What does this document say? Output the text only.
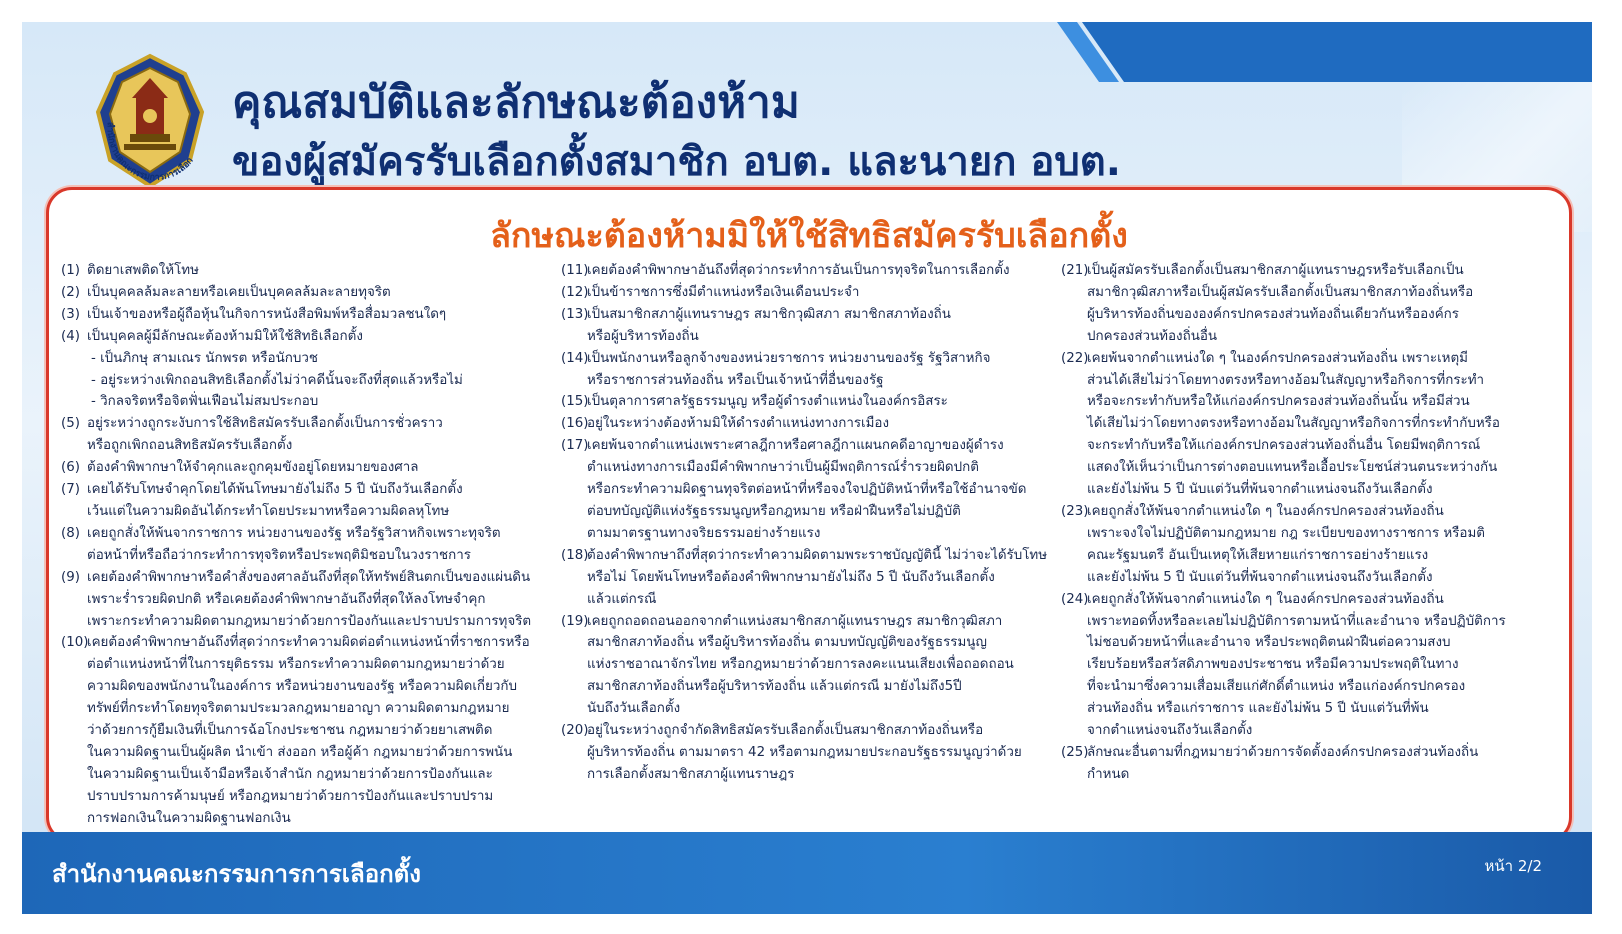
สำนักงานคณะกรรมการการเลือก
คุณสมบัติและลักษณะต้องห้าม
ของผู้สมัครรับเลือกตั้งสมาชิก อบต. และนายก อบต.
ลักษณะต้องห้ามมิให้ใช้สิทธิสมัครรับเลือกตั้ง
(1) ติดยาเสพติดให้โทษ
(2) เป็นบุคคลล้มละลายหรือเคยเป็นบุคคลล้มละลายทุจริต
(3) เป็นเจ้าของหรือผู้ถือหุ้นในกิจการหนังสือพิมพ์หรือสื่อมวลชนใดๆ
(4) เป็นบุคคลผู้มีลักษณะต้องห้ามมิให้ใช้สิทธิเลือกตั้ง
- เป็นภิกษุ สามเณร นักพรต หรือนักบวช
- อยู่ระหว่างเพิกถอนสิทธิเลือกตั้งไม่ว่าคดีนั้นจะถึงที่สุดแล้วหรือไม่
- วิกลจริตหรือจิตฟั่นเฟือนไม่สมประกอบ
(5) อยู่ระหว่างถูกระงับการใช้สิทธิสมัครรับเลือกตั้งเป็นการชั่วคราว
หรือถูกเพิกถอนสิทธิสมัครรับเลือกตั้ง
(6) ต้องคำพิพากษาให้จำคุกและถูกคุมขังอยู่โดยหมายของศาล
(7) เคยได้รับโทษจำคุกโดยได้พ้นโทษมายังไม่ถึง 5 ปี นับถึงวันเลือกตั้ง
เว้นแต่ในความผิดอันได้กระทำโดยประมาทหรือความผิดลหุโทษ
(8) เคยถูกสั่งให้พ้นจากราชการ หน่วยงานของรัฐ หรือรัฐวิสาหกิจเพราะทุจริต
ต่อหน้าที่หรือถือว่ากระทำการทุจริตหรือประพฤติมิชอบในวงราชการ
(9) เคยต้องคำพิพากษาหรือคำสั่งของศาลอันถึงที่สุดให้ทรัพย์สินตกเป็นของแผ่นดิน
เพราะร่ำรวยผิดปกติ หรือเคยต้องคำพิพากษาอันถึงที่สุดให้ลงโทษจำคุก
เพราะกระทำความผิดตามกฎหมายว่าด้วยการป้องกันและปราบปรามการทุจริต
(10)เคยต้องคำพิพากษาอันถึงที่สุดว่ากระทำความผิดต่อตำแหน่งหน้าที่ราชการหรือ
ต่อตำแหน่งหน้าที่ในการยุติธรรม หรือกระทำความผิดตามกฎหมายว่าด้วย
ความผิดของพนักงานในองค์การ หรือหน่วยงานของรัฐ หรือความผิดเกี่ยวกับ
ทรัพย์ที่กระทำโดยทุจริตตามประมวลกฎหมายอาญา ความผิดตามกฎหมาย
ว่าด้วยการกู้ยืมเงินที่เป็นการฉ้อโกงประชาชน กฎหมายว่าด้วยยาเสพติด
ในความผิดฐานเป็นผู้ผลิต นำเข้า ส่งออก หรือผู้ค้า กฎหมายว่าด้วยการพนัน
ในความผิดฐานเป็นเจ้ามือหรือเจ้าสำนัก กฎหมายว่าด้วยการป้องกันและ
ปราบปรามการค้ามนุษย์ หรือกฎหมายว่าด้วยการป้องกันและปราบปราม
การฟอกเงินในความผิดฐานฟอกเงิน
(11)เคยต้องคำพิพากษาอันถึงที่สุดว่ากระทำการอันเป็นการทุจริตในการเลือกตั้ง
(12)เป็นข้าราชการซึ่งมีตำแหน่งหรือเงินเดือนประจำ
(13)เป็นสมาชิกสภาผู้แทนราษฎร สมาชิกวุฒิสภา สมาชิกสภาท้องถิ่น
หรือผู้บริหารท้องถิ่น
(14)เป็นพนักงานหรือลูกจ้างของหน่วยราชการ หน่วยงานของรัฐ รัฐวิสาหกิจ
หรือราชการส่วนท้องถิ่น หรือเป็นเจ้าหน้าที่อื่นของรัฐ
(15)เป็นตุลาการศาลรัฐธรรมนูญ หรือผู้ดำรงตำแหน่งในองค์กรอิสระ
(16)อยู่ในระหว่างต้องห้ามมิให้ดำรงตำแหน่งทางการเมือง
(17)เคยพ้นจากตำแหน่งเพราะศาลฎีกาหรือศาลฎีกาแผนกคดีอาญาของผู้ดำรง
ตำแหน่งทางการเมืองมีคำพิพากษาว่าเป็นผู้มีพฤติการณ์ร่ำรวยผิดปกติ
หรือกระทำความผิดฐานทุจริตต่อหน้าที่หรือจงใจปฏิบัติหน้าที่หรือใช้อำนาจขัด
ต่อบทบัญญัติแห่งรัฐธรรมนูญหรือกฎหมาย หรือฝ่าฝืนหรือไม่ปฏิบัติ
ตามมาตรฐานทางจริยธรรมอย่างร้ายแรง
(18)ต้องคำพิพากษาถึงที่สุดว่ากระทำความผิดตามพระราชบัญญัตินี้ ไม่ว่าจะได้รับโทษ
หรือไม่ โดยพ้นโทษหรือต้องคำพิพากษามายังไม่ถึง 5 ปี นับถึงวันเลือกตั้ง
แล้วแต่กรณี
(19)เคยถูกถอดถอนออกจากตำแหน่งสมาชิกสภาผู้แทนราษฎร สมาชิกวุฒิสภา
สมาชิกสภาท้องถิ่น หรือผู้บริหารท้องถิ่น ตามบทบัญญัติของรัฐธรรมนูญ
แห่งราชอาณาจักรไทย หรือกฎหมายว่าด้วยการลงคะแนนเสียงเพื่อถอดถอน
สมาชิกสภาท้องถิ่นหรือผู้บริหารท้องถิ่น แล้วแต่กรณี มายังไม่ถึง5ปี
นับถึงวันเลือกตั้ง
(20)อยู่ในระหว่างถูกจำกัดสิทธิสมัครรับเลือกตั้งเป็นสมาชิกสภาท้องถิ่นหรือ
ผู้บริหารท้องถิ่น ตามมาตรา 42 หรือตามกฎหมายประกอบรัฐธรรมนูญว่าด้วย
การเลือกตั้งสมาชิกสภาผู้แทนราษฎร
(21)เป็นผู้สมัครรับเลือกตั้งเป็นสมาชิกสภาผู้แทนราษฎรหรือรับเลือกเป็น
สมาชิกวุฒิสภาหรือเป็นผู้สมัครรับเลือกตั้งเป็นสมาชิกสภาท้องถิ่นหรือ
ผู้บริหารท้องถิ่นขององค์กรปกครองส่วนท้องถิ่นเดียวกันหรือองค์กร
ปกครองส่วนท้องถิ่นอื่น
(22)เคยพ้นจากตำแหน่งใด ๆ ในองค์กรปกครองส่วนท้องถิ่น เพราะเหตุมี
ส่วนได้เสียไม่ว่าโดยทางตรงหรือทางอ้อมในสัญญาหรือกิจการที่กระทำ
หรือจะกระทำกับหรือให้แก่องค์กรปกครองส่วนท้องถิ่นนั้น หรือมีส่วน
ได้เสียไม่ว่าโดยทางตรงหรือทางอ้อมในสัญญาหรือกิจการที่กระทำกับหรือ
จะกระทำกับหรือให้แก่องค์กรปกครองส่วนท้องถิ่นอื่น โดยมีพฤติการณ์
แสดงให้เห็นว่าเป็นการต่างตอบแทนหรือเอื้อประโยชน์ส่วนตนระหว่างกัน
และยังไม่พ้น 5 ปี นับแต่วันที่พ้นจากตำแหน่งจนถึงวันเลือกตั้ง
(23)เคยถูกสั่งให้พ้นจากตำแหน่งใด ๆ ในองค์กรปกครองส่วนท้องถิ่น
เพราะจงใจไม่ปฏิบัติตามกฎหมาย กฎ ระเบียบของทางราชการ หรือมติ
คณะรัฐมนตรี อันเป็นเหตุให้เสียหายแก่ราชการอย่างร้ายแรง
และยังไม่พ้น 5 ปี นับแต่วันที่พ้นจากตำแหน่งจนถึงวันเลือกตั้ง
(24)เคยถูกสั่งให้พ้นจากตำแหน่งใด ๆ ในองค์กรปกครองส่วนท้องถิ่น
เพราะทอดทิ้งหรือละเลยไม่ปฏิบัติการตามหน้าที่และอำนาจ หรือปฏิบัติการ
ไม่ชอบด้วยหน้าที่และอำนาจ หรือประพฤติตนฝ่าฝืนต่อความสงบ
เรียบร้อยหรือสวัสดิภาพของประชาชน หรือมีความประพฤติในทาง
ที่จะนำมาซึ่งความเสื่อมเสียแก่ศักดิ์ตำแหน่ง หรือแก่องค์กรปกครอง
ส่วนท้องถิ่น หรือแก่ราชการ และยังไม่พ้น 5 ปี นับแต่วันที่พ้น
จากตำแหน่งจนถึงวันเลือกตั้ง
(25)ลักษณะอื่นตามที่กฎหมายว่าด้วยการจัดตั้งองค์กรปกครองส่วนท้องถิ่น
กำหนด
สำนักงานคณะกรรมการการเลือกตั้ง	หน้า 2/2
